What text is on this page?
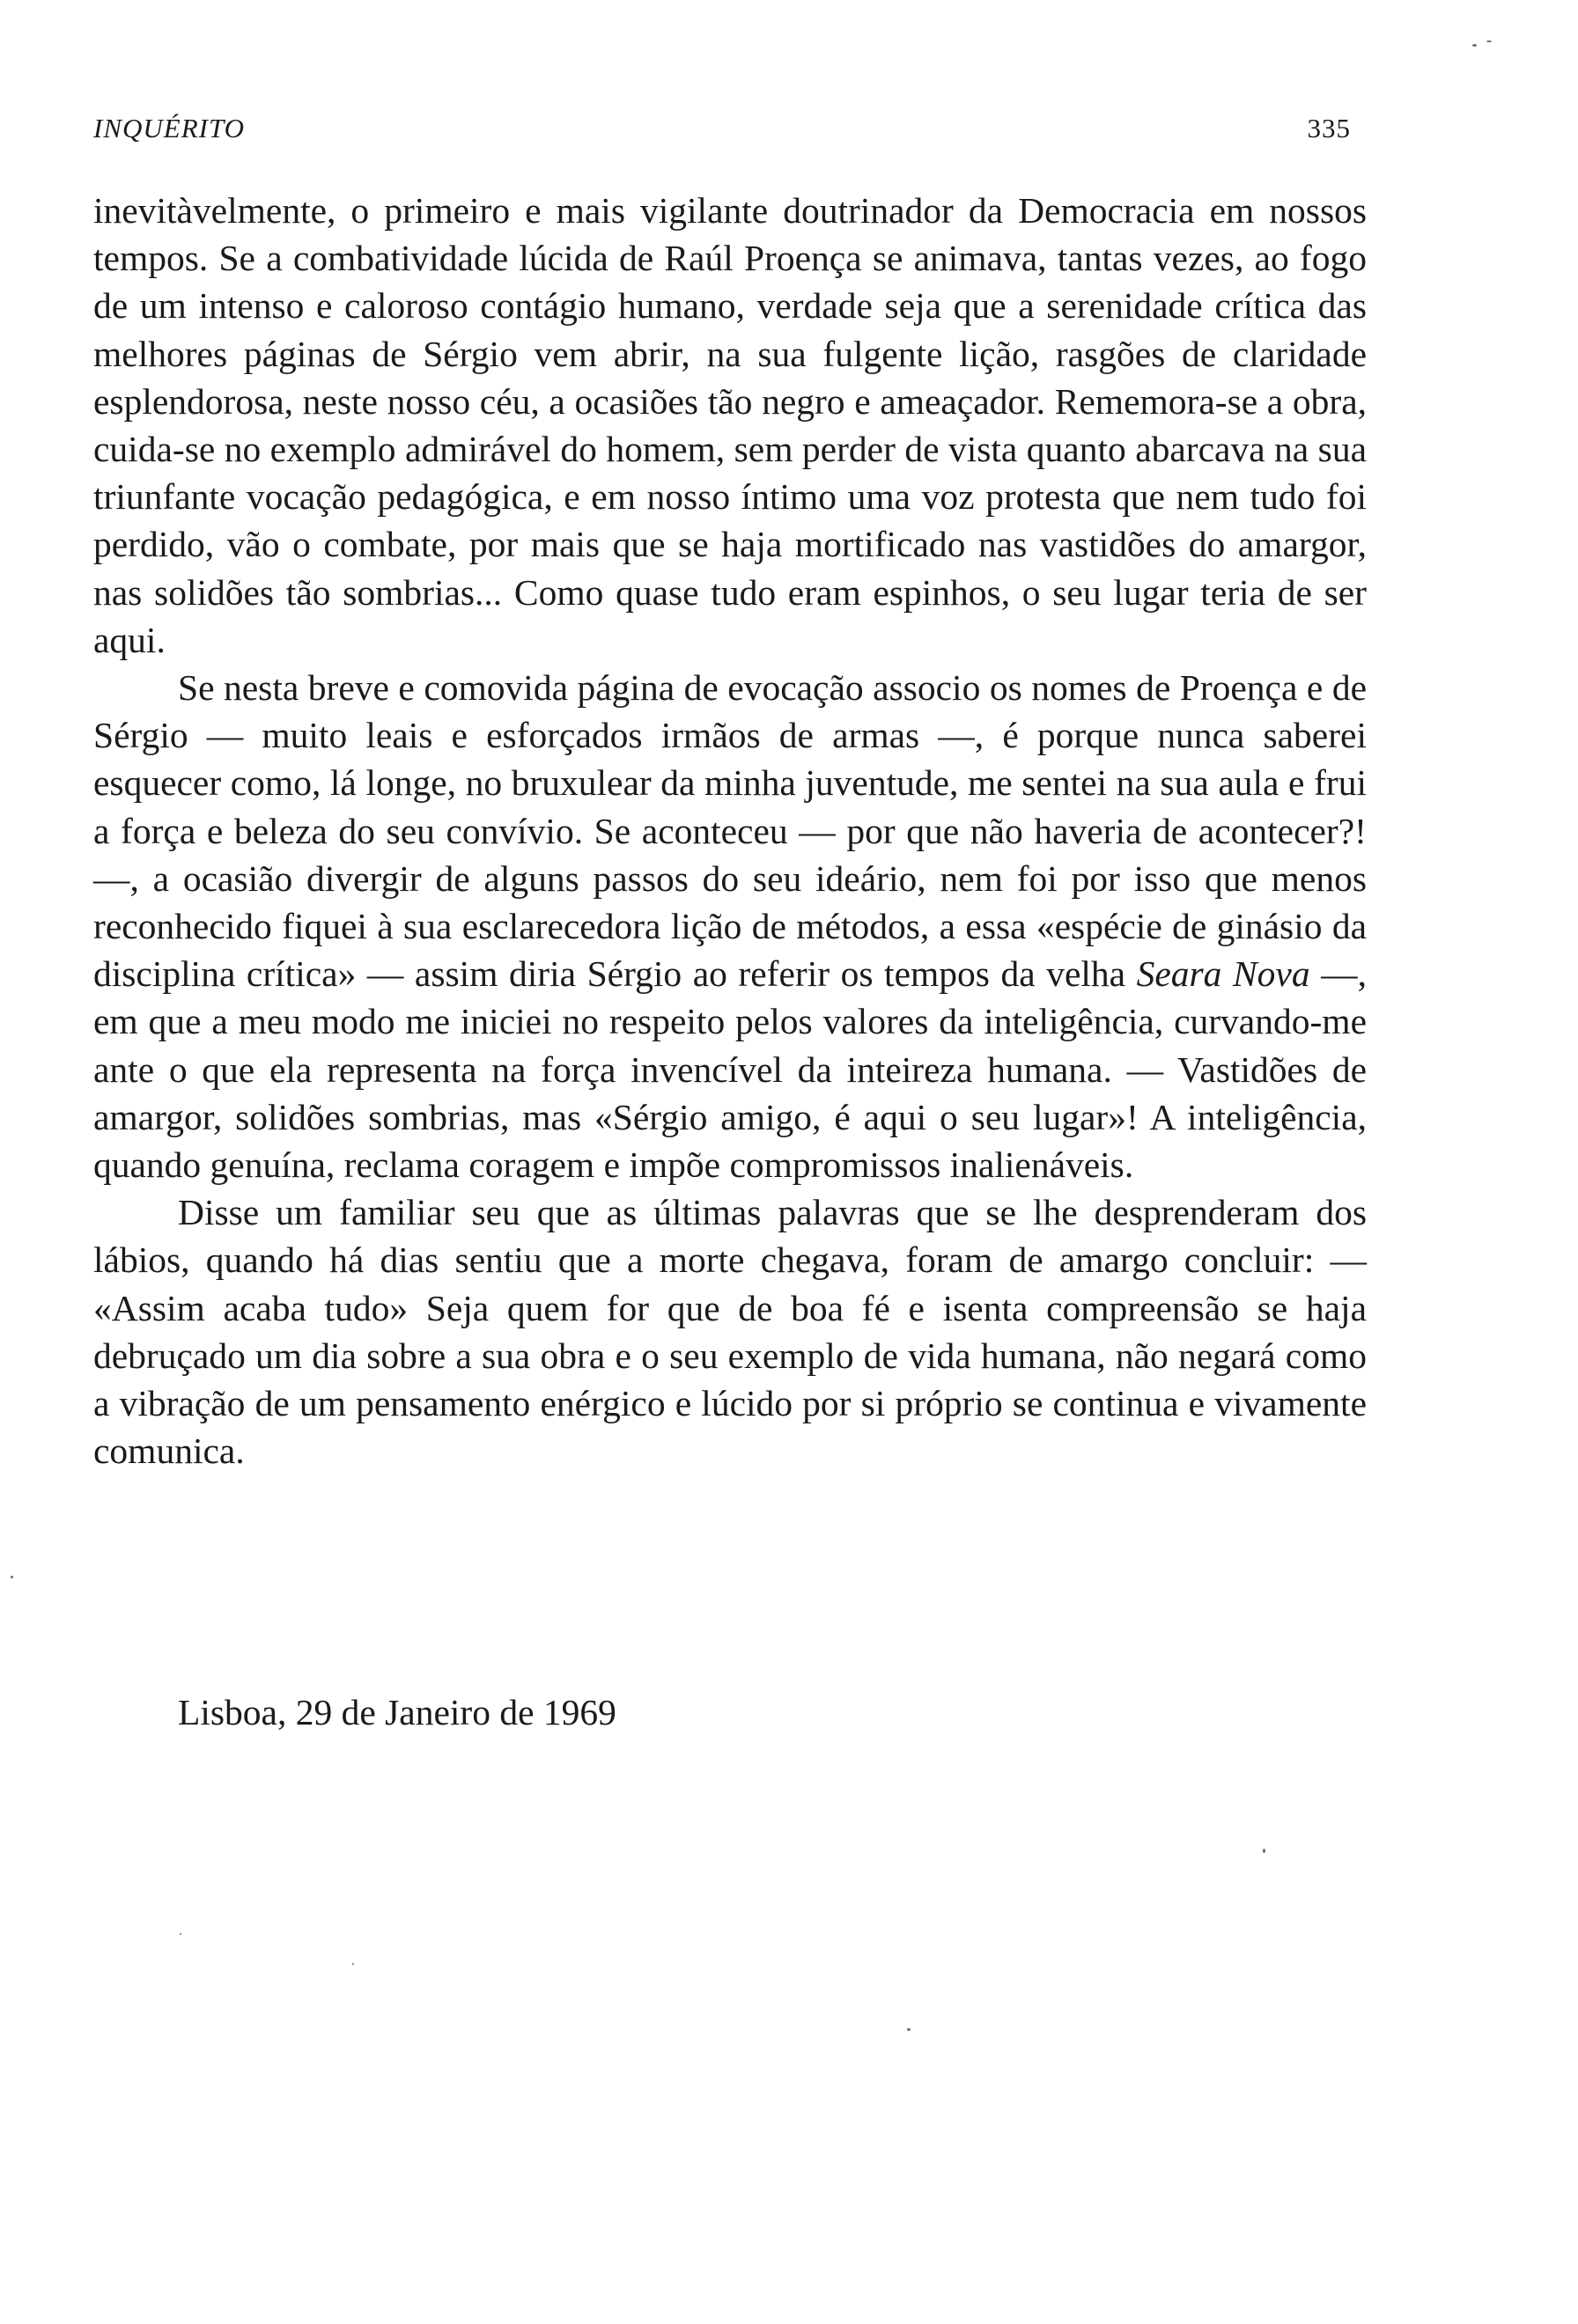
INQUÉRITO	335

inevitàvelmente, o primeiro e mais vigilante doutrinador da Democracia em nossos tempos. Se a combatividade lúcida de Raúl Proença se animava, tantas vezes, ao fogo de um intenso e caloroso contágio humano, verdade seja que a serenidade crítica das melhores páginas de Sérgio vem abrir, na sua fulgente lição, rasgões de claridade esplendorosa, neste nosso céu, a ocasiões tão negro e ameaçador. Rememora-se a obra, cuida-se no exemplo admirável do homem, sem perder de vista quanto abarcava na sua triunfante vocação pedagógica, e em nosso íntimo uma voz protesta que nem tudo foi perdido, vão o combate, por mais que se haja mortificado nas vastidões do amargor, nas solidões tão sombrias... Como quase tudo eram espinhos, o seu lugar teria de ser aqui.

Se nesta breve e comovida página de evocação associo os nomes de Proença e de Sérgio — muito leais e esforçados irmãos de armas —, é porque nunca saberei esquecer como, lá longe, no bruxulear da minha juventude, me sentei na sua aula e frui a força e beleza do seu convívio. Se aconteceu — por que não haveria de acontecer?! —, a ocasião divergir de alguns passos do seu ideário, nem foi por isso que menos reconhecido fiquei à sua esclarecedora lição de métodos, a essa «espécie de ginásio da disciplina crítica» — assim diria Sérgio ao referir os tempos da velha Seara Nova —, em que a meu modo me iniciei no respeito pelos valores da inteligência, curvando-me ante o que ela representa na força invencível da inteireza humana. — Vastidões de amargor, solidões sombrias, mas «Sérgio amigo, é aqui o seu lugar»! A inteligência, quando genuína, reclama coragem e impõe compromissos inalienáveis.

Disse um familiar seu que as últimas palavras que se lhe desprenderam dos lábios, quando há dias sentiu que a morte chegava, foram de amargo concluir: — «Assim acaba tudo» Seja quem for que de boa fé e isenta compreensão se haja debruçado um dia sobre a sua obra e o seu exemplo de vida humana, não negará como a vibração de um pensamento enérgico e lúcido por si próprio se continua e vivamente comunica.

Lisboa, 29 de Janeiro de 1969
